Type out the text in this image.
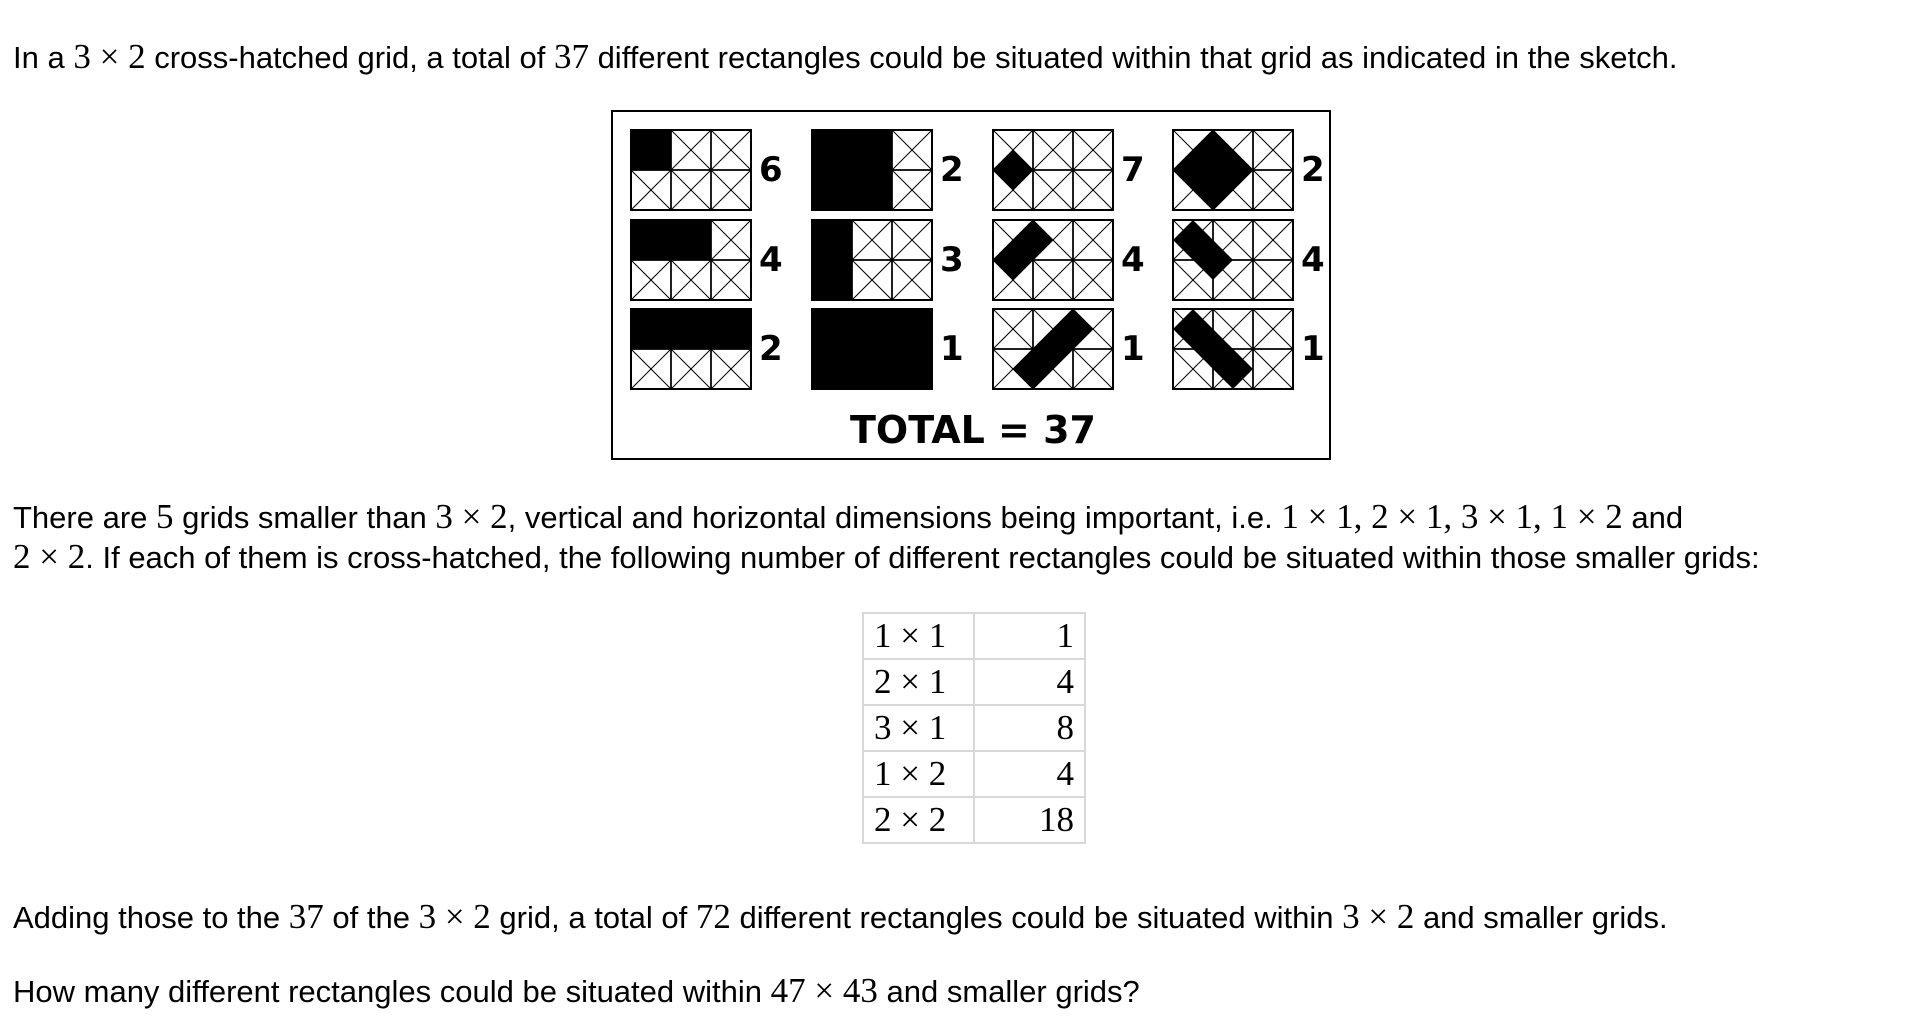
In a 3 × 2 cross-hatched grid, a total of 37 different rectangles could be situated within that grid as indicated in the sketch.
6
4
2
2
3
1
7
4
1
2
4
1
TOTAL = 37
There are 5 grids smaller than 3 × 2, vertical and horizontal dimensions being important, i.e. 1 × 1, 2 × 1, 3 × 1, 1 × 2 and
2 × 2. If each of them is cross-hatched, the following number of different rectangles could be situated within those smaller grids:
1 × 1	1
2 × 1	4
3 × 1	8
1 × 2	4
2 × 2	18
Adding those to the 37 of the 3 × 2 grid, a total of 72 different rectangles could be situated within 3 × 2 and smaller grids.
How many different rectangles could be situated within 47 × 43 and smaller grids?
